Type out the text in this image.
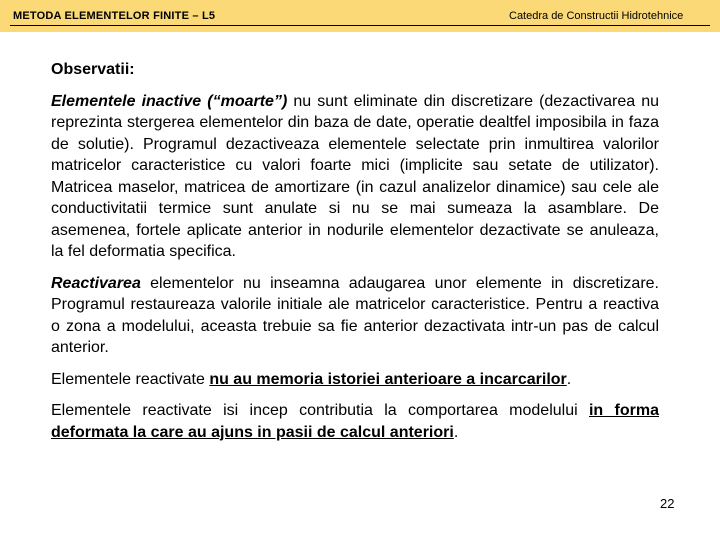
METODA ELEMENTELOR FINITE – L5	Catedra de Constructii Hidrotehnice
Observatii:

Elementele inactive (“moarte”) nu sunt eliminate din discretizare (dezactivarea nu reprezinta stergerea elementelor din baza de date, operatie dealtfel imposibila in faza de solutie). Programul dezactiveaza elementele selectate prin inmultirea valorilor matricelor caracteristice cu valori foarte mici (implicite sau setate de utilizator). Matricea maselor, matricea de amortizare (in cazul analizelor dinamice) sau cele ale conductivitatii termice sunt anulate si nu se mai sumeaza la asamblare. De asemenea, fortele aplicate anterior in nodurile elementelor dezactivate se anuleaza, la fel deformatia specifica.

Reactivarea elementelor nu inseamna adaugarea unor elemente in discretizare. Programul restaureaza valorile initiale ale matricelor caracteristice. Pentru a reactiva o zona a modelului, aceasta trebuie sa fie anterior dezactivata intr-un pas de calcul anterior.

Elementele reactivate nu au memoria istoriei anterioare a incarcarilor.

Elementele reactivate isi incep contributia la comportarea modelului in forma deformata la care au ajuns in pasii de calcul anteriori.

22
